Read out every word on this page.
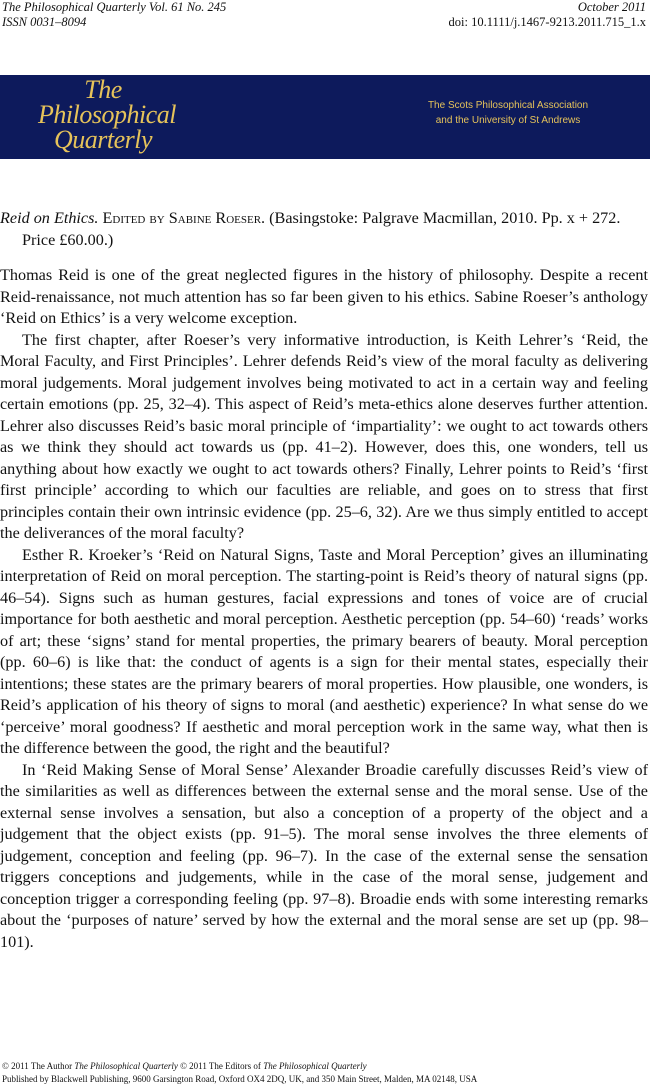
The Philosophical Quarterly Vol. 61 No. 245	October 2011
ISSN 0031–8094	doi: 10.1111/j.1467-9213.2011.715_1.x
The
Philosophical
Quarterly
The Scots Philosophical Association
and the University of St Andrews
Reid on Ethics. Edited by Sabine Roeser. (Basingstoke: Palgrave Macmillan, 2010. Pp. x + 272. Price £60.00.)

Thomas Reid is one of the great neglected figures in the history of philosophy. Despite a recent Reid-renaissance, not much attention has so far been given to his ethics. Sabine Roeser’s anthology ‘Reid on Ethics’ is a very welcome exception.

The first chapter, after Roeser’s very informative introduction, is Keith Lehrer’s ‘Reid, the Moral Faculty, and First Principles’. Lehrer defends Reid’s view of the moral faculty as delivering moral judgements. Moral judgement involves being motivated to act in a certain way and feeling certain emotions (pp. 25, 32–4). This aspect of Reid’s meta-ethics alone deserves further attention. Lehrer also discusses Reid’s basic moral principle of ‘impartiality’: we ought to act towards others as we think they should act towards us (pp. 41–2). However, does this, one wonders, tell us anything about how exactly we ought to act towards others? Finally, Lehrer points to Reid’s ‘first first principle’ according to which our faculties are reliable, and goes on to stress that first principles contain their own intrinsic evidence (pp. 25–6, 32). Are we thus simply entitled to accept the deliverances of the moral faculty?

Esther R. Kroeker’s ‘Reid on Natural Signs, Taste and Moral Perception’ gives an illuminating interpretation of Reid on moral perception. The starting-point is Reid’s theory of natural signs (pp. 46–54). Signs such as human gestures, facial expressions and tones of voice are of crucial importance for both aesthetic and moral perception. Aesthetic perception (pp. 54–60) ‘reads’ works of art; these ‘signs’ stand for mental properties, the primary bearers of beauty. Moral perception (pp. 60–6) is like that: the conduct of agents is a sign for their mental states, especially their intentions; these states are the primary bearers of moral properties. How plausible, one wonders, is Reid’s application of his theory of signs to moral (and aesthetic) experience? In what sense do we ‘perceive’ moral goodness? If aesthetic and moral perception work in the same way, what then is the difference between the good, the right and the beautiful?

In ‘Reid Making Sense of Moral Sense’ Alexander Broadie carefully discusses Reid’s view of the similarities as well as differences between the external sense and the moral sense. Use of the external sense involves a sensation, but also a conception of a property of the object and a judgement that the object exists (pp. 91–5). The moral sense involves the three elements of judgement, conception and feeling (pp. 96–7). In the case of the external sense the sensation triggers conceptions and judgements, while in the case of the moral sense, judgement and conception trigger a corresponding feeling (pp. 97–8). Broadie ends with some interesting remarks about the ‘purposes of nature’ served by how the external and the moral sense are set up (pp. 98–101).

© 2011 The Author The Philosophical Quarterly © 2011 The Editors of The Philosophical Quarterly
Published by Blackwell Publishing, 9600 Garsington Road, Oxford OX4 2DQ, UK, and 350 Main Street, Malden, MA 02148, USA
